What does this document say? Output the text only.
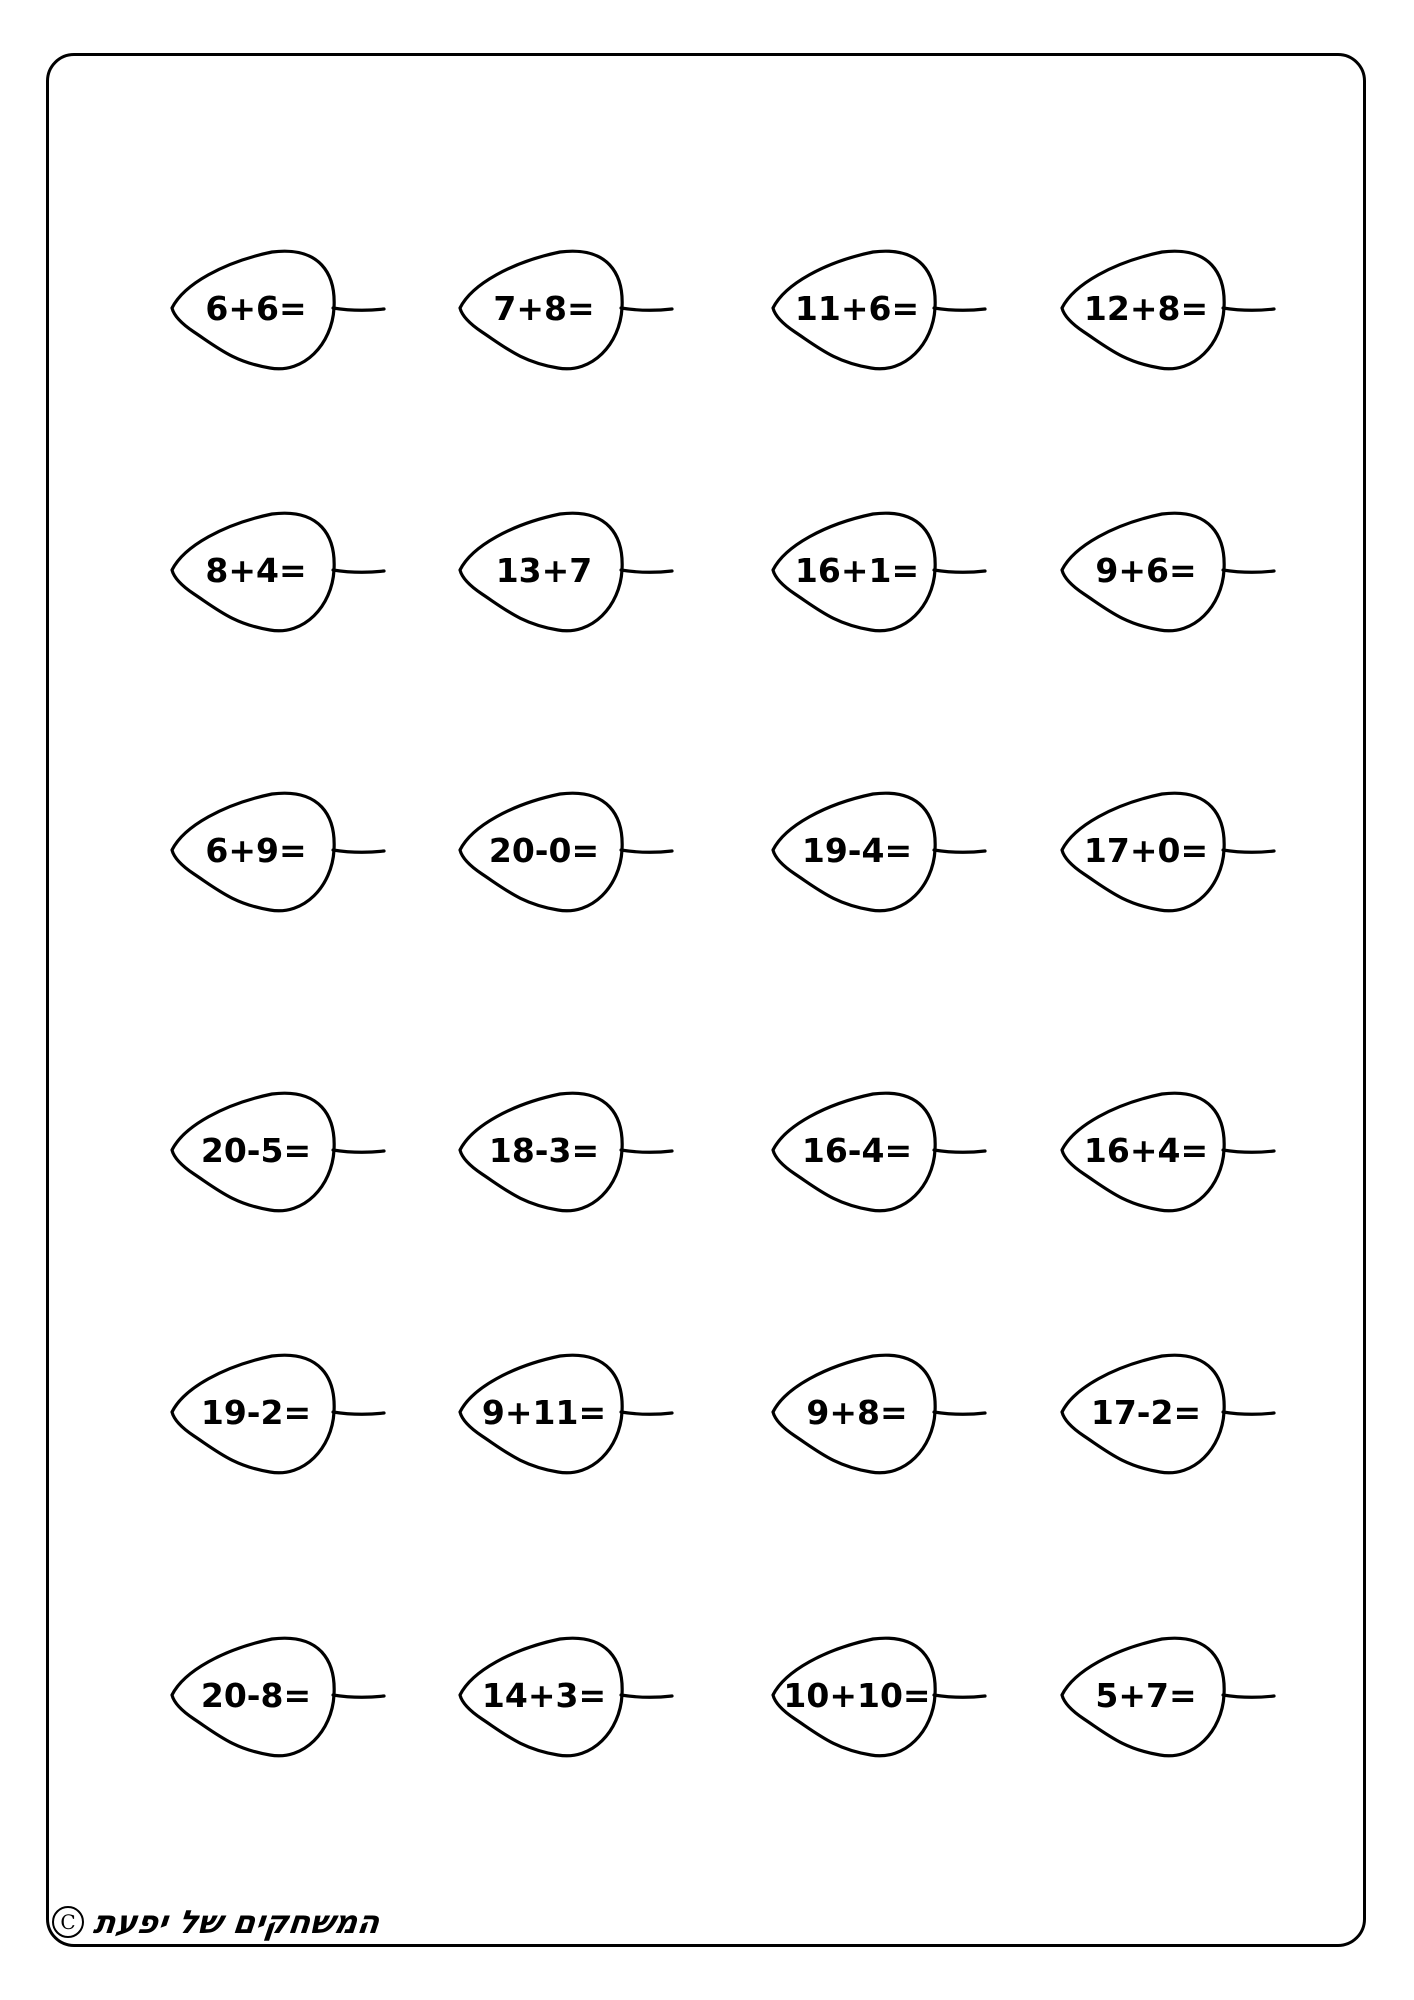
6+6=	7+8=	11+6=	12+8=
8+4=	13+7	16+1=	9+6=
6+9=	20-0=	19-4=	17+0=
20-5=	18-3=	16-4=	16+4=
19-2=	9+11=	9+8=	17-2=
20-8=	14+3=	10+10=	5+7=
C המשחקים של יפעת
